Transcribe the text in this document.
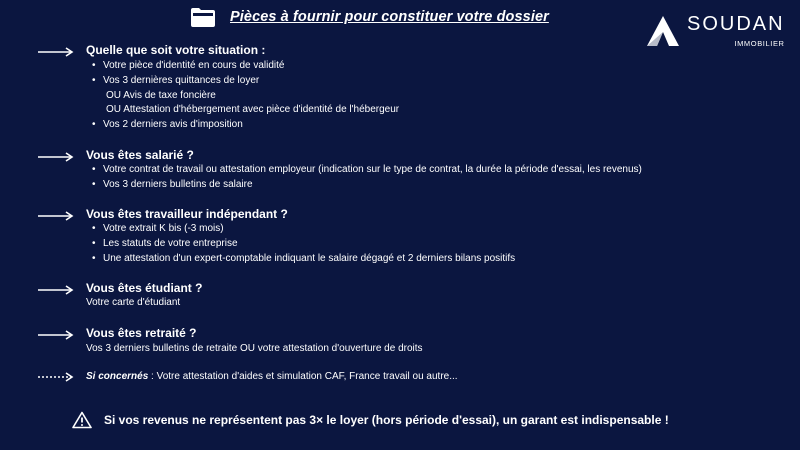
Pièces à fournir pour constituer votre dossier	SOUDAN
IMMOBILIER
Quelle que soit votre situation :
• Votre pièce d'identité en cours de validité
• Vos 3 dernières quittances de loyer
OU Avis de taxe foncière
OU Attestation d'hébergement avec pièce d'identité de l'hébergeur
• Vos 2 derniers avis d'imposition
Vous êtes salarié ?
• Votre contrat de travail ou attestation employeur (indication sur le type de contrat, la durée la période d'essai, les revenus)
• Vos 3 derniers bulletins de salaire
Vous êtes travailleur indépendant ?
• Votre extrait K bis (-3 mois)
• Les statuts de votre entreprise
• Une attestation d'un expert-comptable indiquant le salaire dégagé et 2 derniers bilans positifs
Vous êtes étudiant ?
Votre carte d'étudiant
Vous êtes retraité ?
Vos 3 derniers bulletins de retraite OU votre attestation d'ouverture de droits
Si concernés : Votre attestation d'aides et simulation CAF, France travail ou autre...
Si vos revenus ne représentent pas 3× le loyer (hors période d'essai), un garant est indispensable !
